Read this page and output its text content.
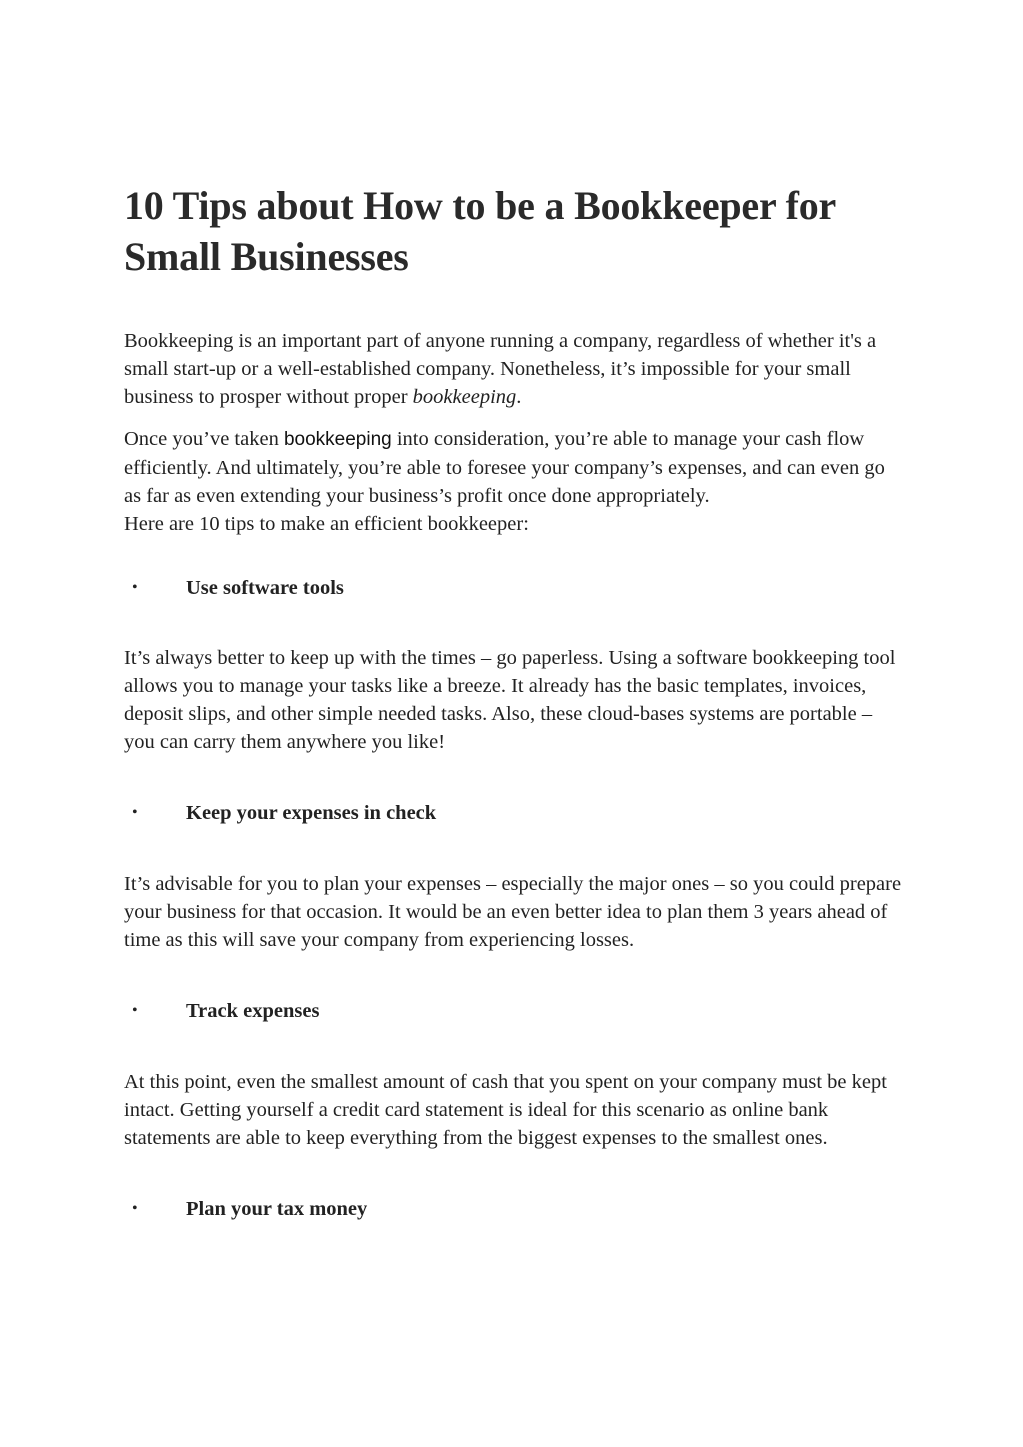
10 Tips about How to be a Bookkeeper for Small Businesses

Bookkeeping is an important part of anyone running a company, regardless of whether it's a small start-up or a well-established company. Nonetheless, it’s impossible for your small business to prosper without proper bookkeeping.

Once you’ve taken bookkeeping into consideration, you’re able to manage your cash flow efficiently. And ultimately, you’re able to foresee your company’s expenses, and can even go as far as even extending your business’s profit once done appropriately.
Here are 10 tips to make an efficient bookkeeper:

• Use software tools

It’s always better to keep up with the times – go paperless. Using a software bookkeeping tool allows you to manage your tasks like a breeze. It already has the basic templates, invoices, deposit slips, and other simple needed tasks. Also, these cloud-bases systems are portable – you can carry them anywhere you like!

• Keep your expenses in check

It’s advisable for you to plan your expenses – especially the major ones – so you could prepare your business for that occasion. It would be an even better idea to plan them 3 years ahead of time as this will save your company from experiencing losses.

• Track expenses

At this point, even the smallest amount of cash that you spent on your company must be kept intact. Getting yourself a credit card statement is ideal for this scenario as online bank statements are able to keep everything from the biggest expenses to the smallest ones.

• Plan your tax money
